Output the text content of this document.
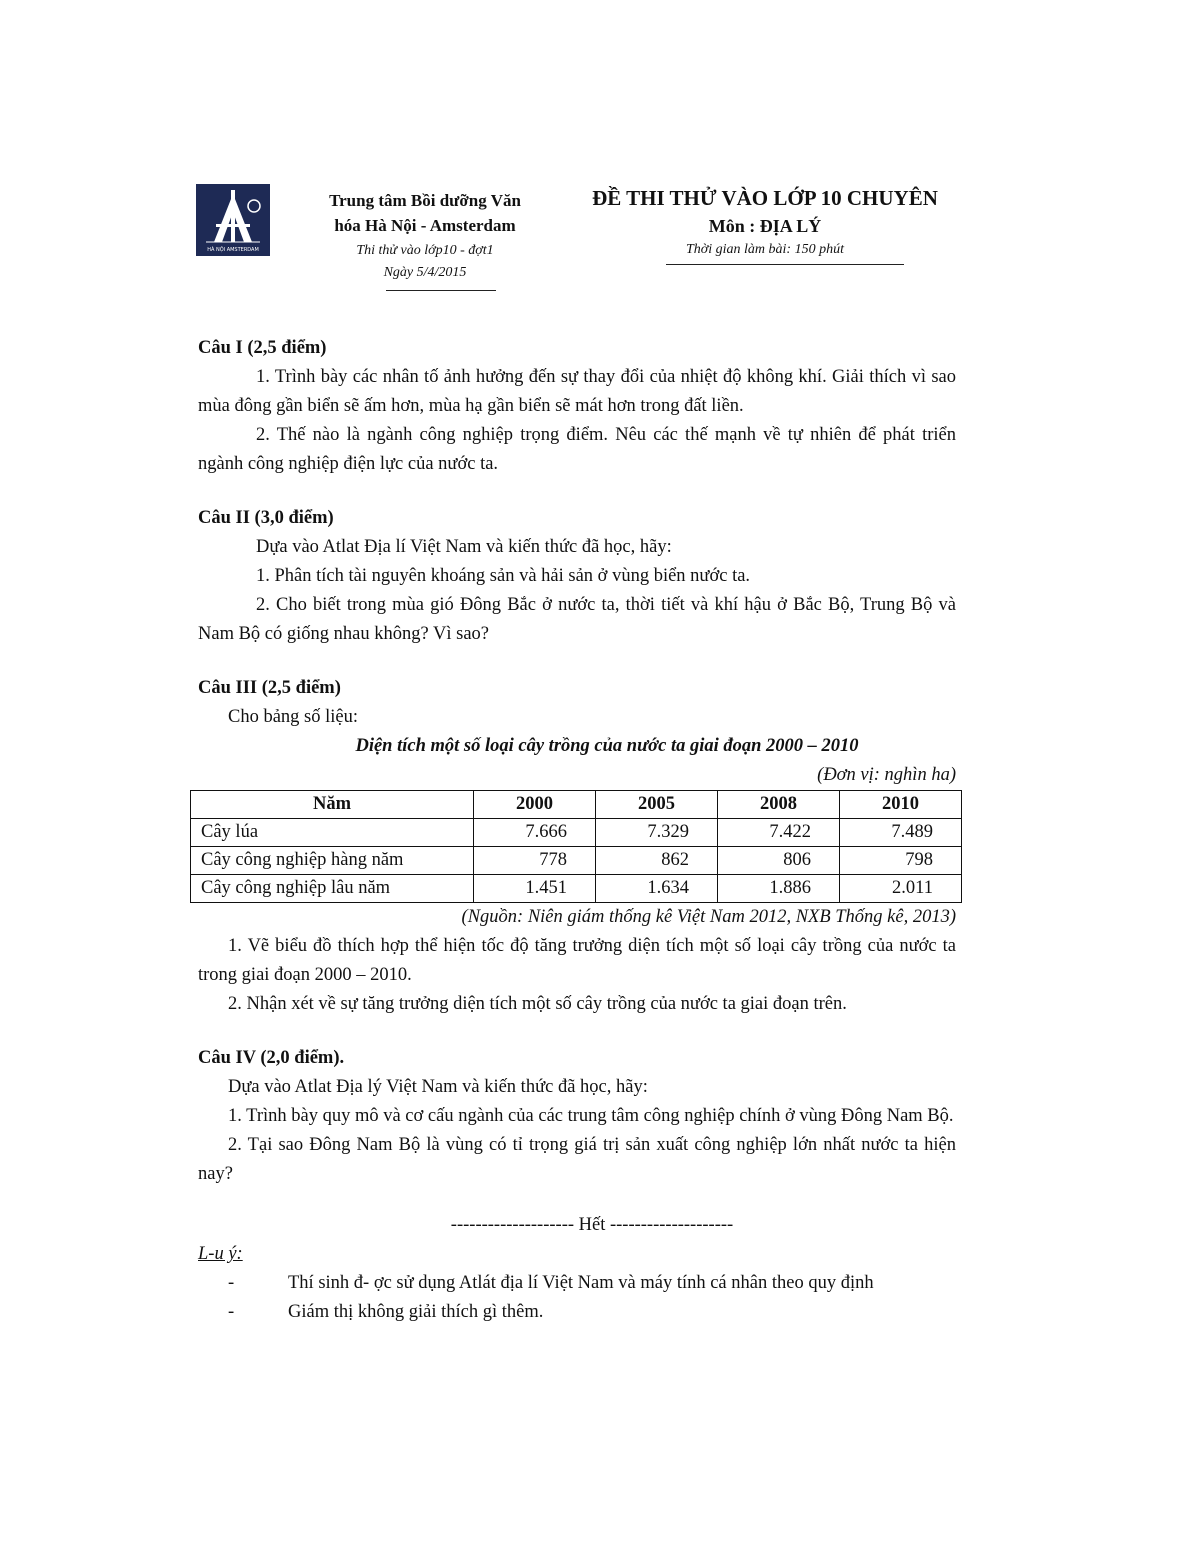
HÀ NỘI AMSTERDAM
Trung tâm Bồi dưỡng Văn
hóa Hà Nội - Amsterdam
Thi thử vào lớp10 - đợt1
Ngày 5/4/2015
ĐỀ THI THỬ VÀO LỚP 10 CHUYÊN
Môn : ĐỊA LÝ
Thời gian làm bài: 150 phút
Câu I (2,5 điểm)

1. Trình bày các nhân tố ảnh hưởng đến sự thay đổi của nhiệt độ không khí. Giải thích vì sao mùa đông gần biển sẽ ấm hơn, mùa hạ gần biển sẽ mát hơn trong đất liền.

2. Thế nào là ngành công nghiệp trọng điểm. Nêu các thế mạnh về tự nhiên để phát triển ngành công nghiệp điện lực của nước ta.

Câu II (3,0 điểm)

Dựa vào Atlat Địa lí Việt Nam và kiến thức đã học, hãy:

1. Phân tích tài nguyên khoáng sản và hải sản ở vùng biển nước ta.

2. Cho biết trong mùa gió Đông Bắc ở nước ta, thời tiết và khí hậu ở Bắc Bộ, Trung Bộ và Nam Bộ có giống nhau không? Vì sao?

Câu III (2,5 điểm)

Cho bảng số liệu:

Diện tích một số loại cây trồng của nước ta giai đoạn 2000 – 2010
(Đơn vị: nghìn ha)
Năm	2000	2005	2008	2010
Cây lúa	7.666	7.329	7.422	7.489
Cây công nghiệp hàng năm	778	862	806	798
Cây công nghiệp lâu năm	1.451	1.634	1.886	2.011
(Nguồn: Niên giám thống kê Việt Nam 2012, NXB Thống kê, 2013)

1. Vẽ biểu đồ thích hợp thể hiện tốc độ tăng trưởng diện tích một số loại cây trồng của nước ta trong giai đoạn 2000 – 2010.

2. Nhận xét về sự tăng trưởng diện tích một số cây trồng của nước ta giai đoạn trên.

Câu IV (2,0 điểm).

Dựa vào Atlat Địa lý Việt Nam và kiến thức đã học, hãy:

1. Trình bày quy mô và cơ cấu ngành của các trung tâm công nghiệp chính ở vùng Đông Nam Bộ.

2. Tại sao Đông Nam Bộ là vùng có tỉ trọng giá trị sản xuất công nghiệp lớn nhất nước ta hiện nay?

-------------------- Hết --------------------
L-u ý:
-	Thí sinh đ- ợc sử dụng Atlát địa lí Việt Nam và máy tính cá nhân theo quy định
-	Giám thị không giải thích gì thêm.
